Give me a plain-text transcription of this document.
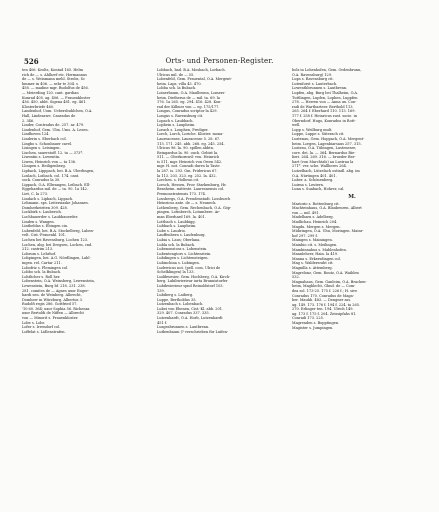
526	Orts- und Personen-Register.

ten 406. Krolts, Kontad 165. Helm

rich de — s. Ahlherf etc. Hermannus

de — s. Weinmann mehl. Strobs, Sc

hmmer in 406. — sehr te 304. s

458. — madine mgr. Rudolfus de 456.

— Meierding 120. cant. gardian

Kunrad 405. ag. 406. — Frauenkloster

436. 450. abbt. Sigena 481. eg. 461.

Klosterbriefe 460.

Landenhof, Uom. Uebersbuhlchen, O.A.

Hall, Lindesawe. Canradus de

2. 346.

Linder, Contradus de. 257. nr. 479.

Lindenhof, Gem. Ulm. Ums. A. Lesen.

Lindhoven 124.

Linderin s. Eberbach col.

Lingbo s. Schonbauer cavel.

Lisingen s. Leisingen.

Lischen, sauerstoff. 12. ta — 373*.

Liwentin s. Lowentin.

Liwen, Heinrich von — ta 136.

Lloupen s. Heiligenberg.

Lipbach, Lipppach, bei. B.A. Uberlingen,

Loslach, Loibach. col. 174. cant.

sock. Conradus la 30.

Lippach, O.A. Ellwangen, Leibach. Ell-

Eggehardus mil. de — ta. 90. 1a 142.

Liet, C. la 273.

Lindach s. Lipbach, Lippach.

Lehmann. sps. Leitersiaske Johannes.

Domherkeiriten 309. 428.

Lockbirk s. Lauberich.

Lochbauerder s. Laubbauerder.

Linden s. Wangen.

Lintbeldas s. Ebingen cin.

Lubenfeld, bei. B.A. Stockelberg, Laben-

velt. Cist.-Frauenkl. 101.

Lochen bei Ravensburg, Lochen 123.

Lochen, abg. bei Dregsen, Lochen, cnd.

212. castrim 213.

Lobrum s. Lehrhof.

Lohpingen, bei. A.G. Nördlingen, Lahl-

ingen. rel. Cartar 211.

Lobofriz s. Flemingen col.

Lobbo sch. la Bubach.

Lohtlicher s. Roll her.

Lobenstein, O.A. Weinsberg, Lewenstein,

Lewenstein, Burg bf. 218. 231. 238.

281. comites de — Agnes uxor Enger-

hardi sen. de Weinberg. Albrecht,

Domherr in Würzburg. Albertus 3.

Rudolfi regis 286. Gottfried 57.

'10 60. 364; uxor Sophia 56. Richenza

uxor Bertoldi de Niffen — Albrecht

von — Minorit s. Frauenkloster.

Lobe s. Lobr.

Lofer s. Irrendorf col.

Loffelat s. Lidlenstrafen.

Lobbach, bad. B.A. Mosbach, Lorbach.

Ulricus mil. de — 55.

Lobenfeld, Gem. Frauental, O.A. Mergent-

heim. Laps. villa 43. 470.

Lobba sch. la Bubach.

Loinerbaum, O.A. Maulbronn, Lomers-

heim. Dietherus de — mil. ta. 69. la

176. 1a 265. eg. 294. 416. 428. Kon-

rad der Kilburz von — eg. 175/177.

Longus, Conradus scriptor la 429.

Longus s. Ravensburg cit.

Lopach s. Laubbach.

Lophein s. Laupheim.

Lorach s. Louphen, Prediger.

Lorch, Lorch, Loriche. Kloster. mona-

Laureacense, Lauracense 5. 28. 67.

115. 171. 245. abb. 268. eg. 245. 254.

Ulricus 96. la. 90. spillen abbtn.

Reingardus la. 90. ouch. Gebist la.

511. — Oberkornwil: ven. Heinrich

is 511. mgr. Heinrich von Owen 542.

mgr. H. not. Conradi durrn la Taste

la 287. is. 293. Gm. Fridericus 67.

la 113. 203. 323. eg. 252. la. 432.

Lorchen. s. Holbron cit.

Lorsch, Hessen, Prov. Starkenburg, Hr.

Bensheim. mitteste. Lauresnensis col.

Premonstratensis 173. 174.

Lossbergs, O.A. Freudenstadt. Lossburch

Heinricus ante. de — s. Neuneck.

Lothenberg, Gem. Rechenbach, O.A. Göp-

pingen. Lotinberch, Lotumbere. Ar-

man Eberhard 169. la. 401.

Lottbach s. Laubbigg.

Lubbach s. Laupheim.

Lube s. Laudrio.

Lauffenbern s. Laufenburg.

Lubia s. Laus; Oberlana.

Lubla sch. la Bubach.

Lubenonstoss s. Lobenstein.

Lubentengtors s. Lichtenstein.

Lubdingen s. Lichtensteigen.

Lubinchina s. Lubingen.

Ludewicus not. (pell. com. Ulrici de

Schelklingen) la 133.

Ludibwesier, Gem. Hochberg, O.A. Kirch-

berg. Lubibwierieur iurta Brunnistorfer

Lubibwierieur spnd Reinoldstorf 103.

139.

Lubiberg s. Laiberg.

Luppe, Bertholdus 35.

Lutzenbach s. Lobenbach.

Lubei von Ebenen, Cist.-Kl. abb. 201.

329. 407. Conradus 337. 335.

Lutzenhardt, O.A. Horb, Lutzenhardt

451 f.

Lusgesbrunnen s. Lautbrenn.

Lutbenbaum (? verschrieben für Luifen-

bolz in Lohenhofen, Gem. Ordenbrunn,

O.A. Ravensburg) 129.

Lups s. Ravensburg cit.

Lutenforst s. Lauterbach.

Lowenthbrunnen s. Lautbrenn.

Lupfen, abg. Burg bei Thalheim, O.A.

Tuttlingen, Lupfen, Lophen, Luppfen

278. — Herren von — Anna ux. Con-

radi de Wartbarteer. Berthold 113.

265. 264 f. Eberhard 110. 113. 169.

177 f. 258 f. Heinricus zust. socie. in

Oberndorf. Hugo, Konradus in Rott-

well.

Lopp s. Weilburg mult.

Luppe, Luppe s. Süterach cit.

Lustenau, Gem. Hoppach, O.A. Mergent-

heim. Lorgen, Lagenbiarsaus 257. 315.

Lustrau, O.A. Tübingen, Lustenesre,

core. dei. la. — 364. Bernardus Rie-

lieri. 264. 269. 316. — brueder Ber-

hart (von Marchtals) au Lustrau la

271*. ver. sche. Wallheres 264.

Lutzelbach, Lützelach ostindl. abg. im

O.A. Nürtingen 401. 401.

Luber. a. Schönenberg.

Luirna s. Leutern.

Luna s. Suabach, Hohrer, cal.

M.

Mariorio s. Rottenburg cit.

Machteinhaus, O.A. Blaubeuren. Albert

von — mil. 491.

Madelbarn s. Adelberg.

Madlichau. Heinrich 204.

Magdu. Mergen s. Mergen.

Mühringen, O.A. Uhu, Moringen. Mainr-

hof 297. 299 f.

Maingen s. Mainingen.

Mainhio cit. s. Meilingen.

Mambinnahus s. Mahlenhofen.

Mannleheer, Hain. la 419.

Manna s. Erkersdingen col.

Mag s. Waldersraht cit.

Magnilla s. Attemberg.

Magrelonz, Gem. Routz, O.A. Waiblen

532.

Magnahaus, Gem. Ganleim, O.A. Bracken-

heim, Maghlecht, Ghnd. de — Com-

dea sol. 173-25. 175 f. 226 f.; H. sive

Conradus 170. Conradus de Maga-

ber. Mauhb. 483. — Dengner ass.

ag. 149. 173. 176 f. 194 f. 224. ta 265.

270. Erlinger ten. 194. Ulrich 149.

ag. 173 f. 175 f. 204. Zeissipfahs 81.

Conradi 173. 225.

Magrenden s. Bopptingen.

Magister s. Jumpingen.
